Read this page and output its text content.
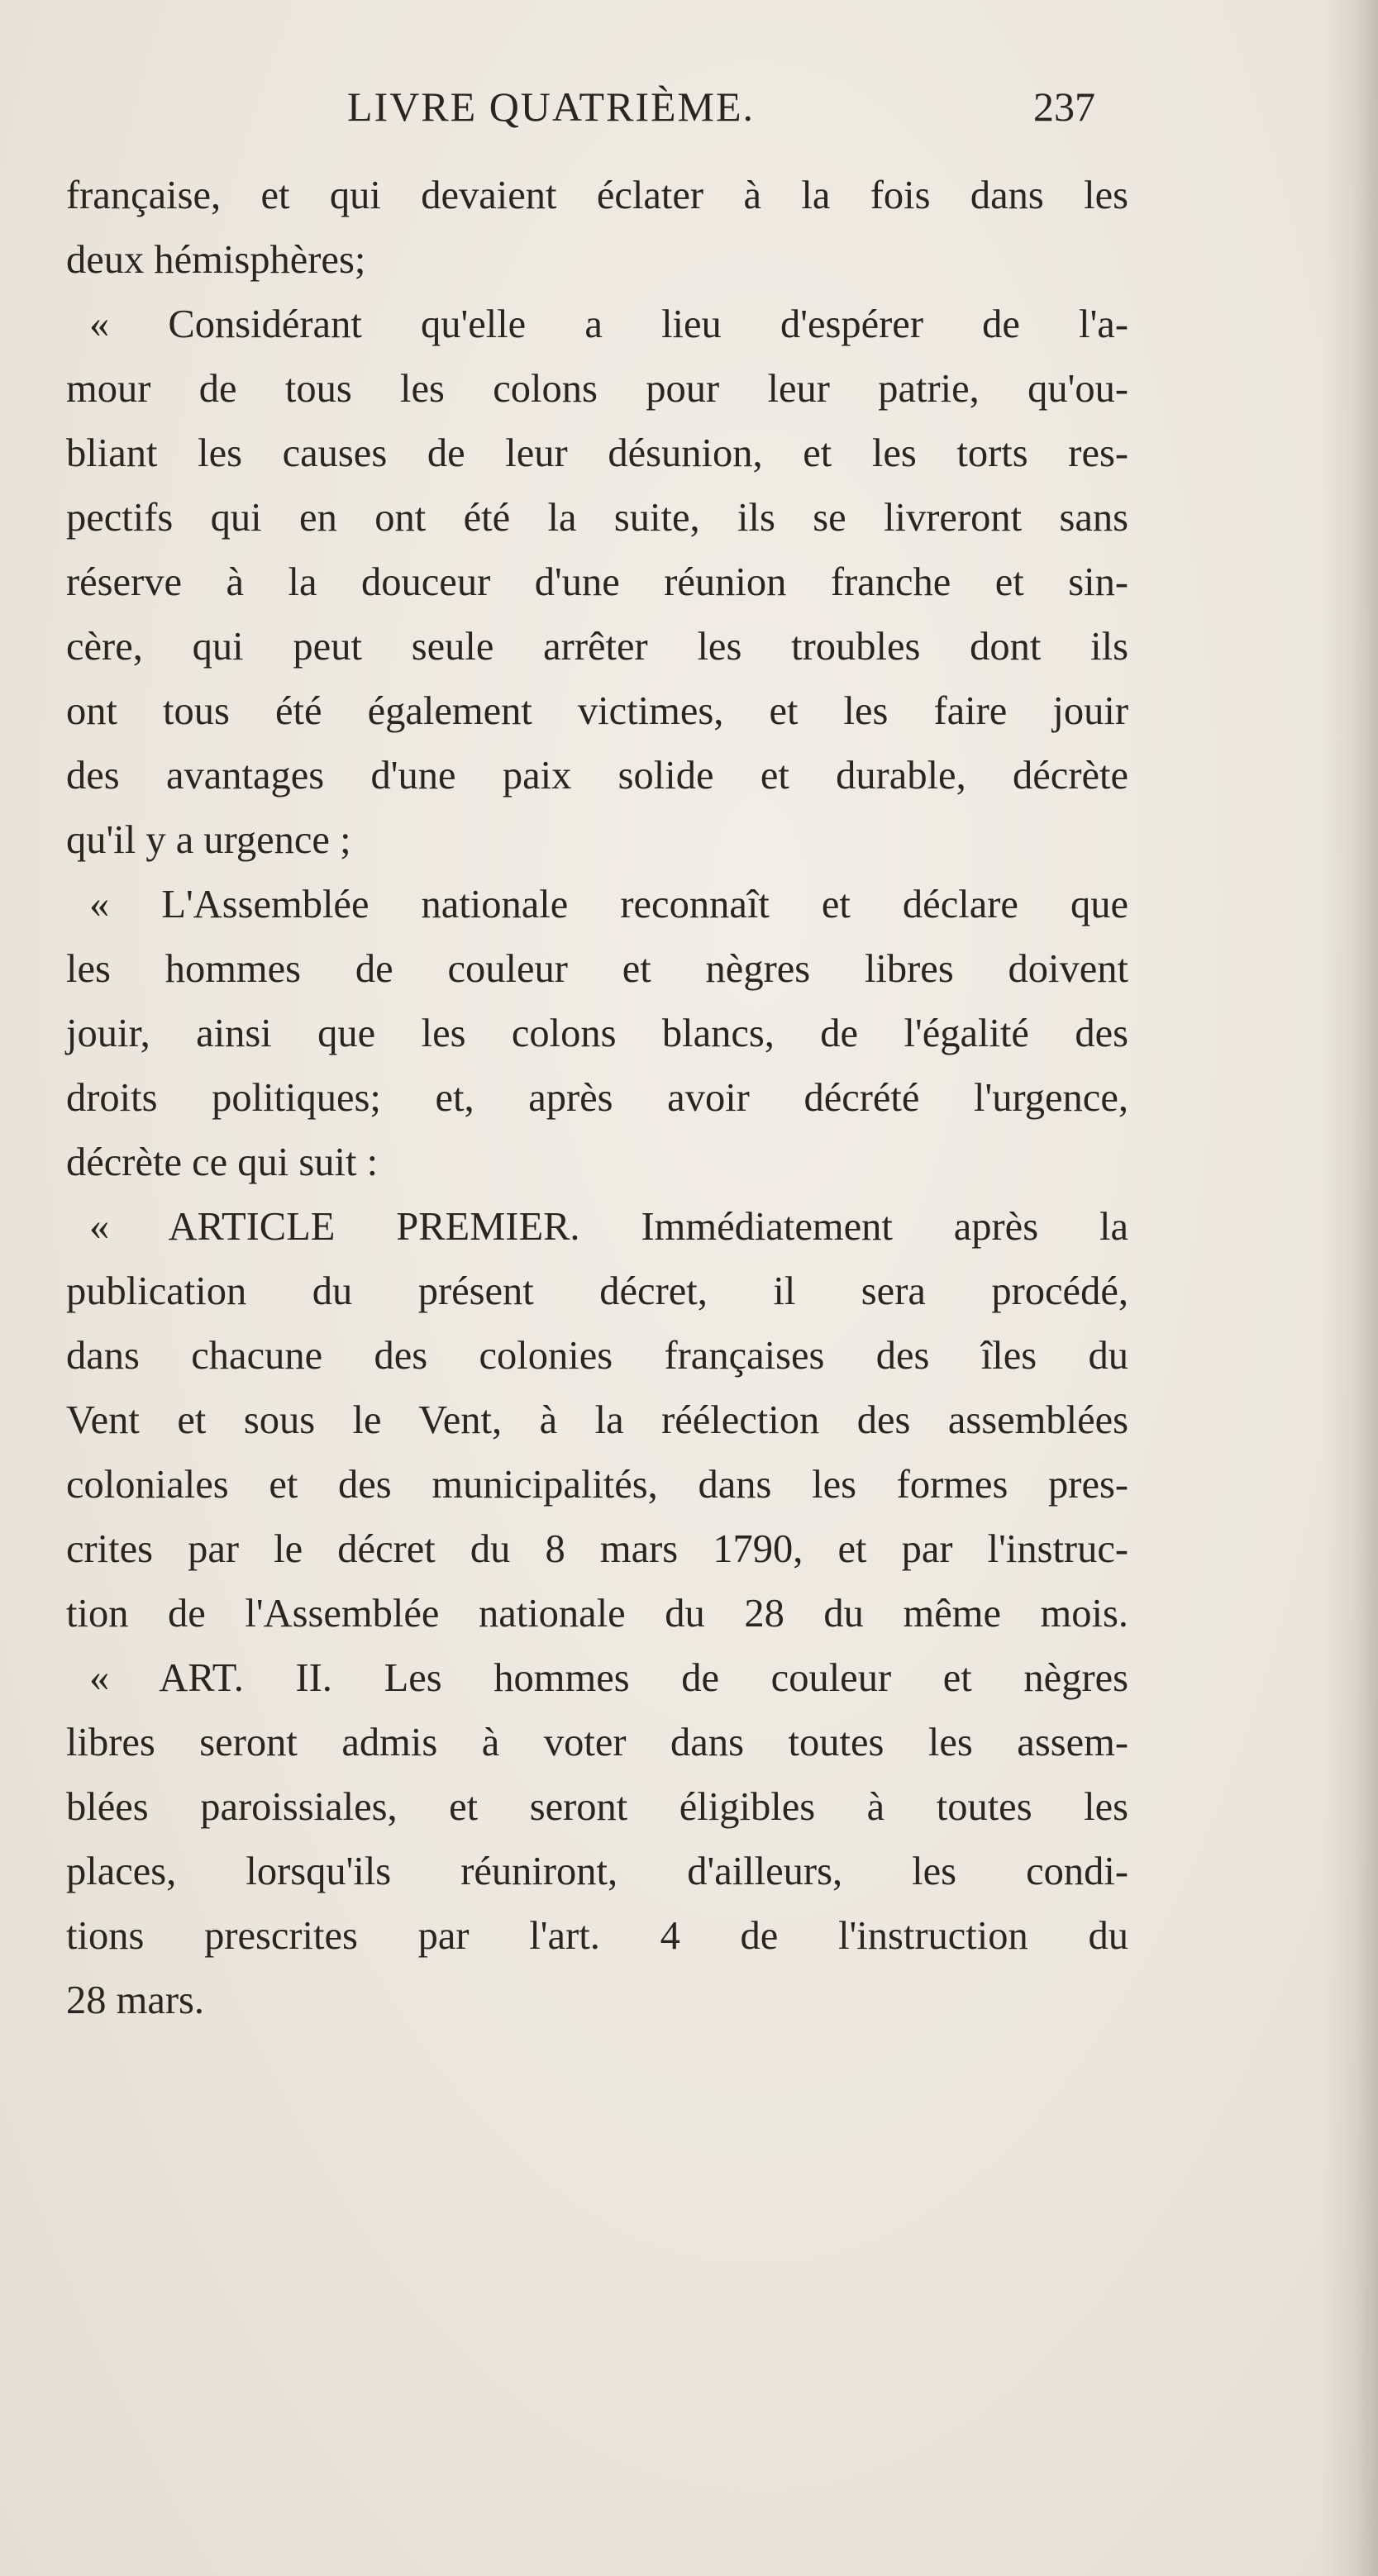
LIVRE QUATRIÈME.	237
française, et qui devaient éclater à la fois dans les
deux hémisphères;
« Considérant qu'elle a lieu d'espérer de l'a-
mour de tous les colons pour leur patrie, qu'ou-
bliant les causes de leur désunion, et les torts res-
pectifs qui en ont été la suite, ils se livreront sans
réserve à la douceur d'une réunion franche et sin-
cère, qui peut seule arrêter les troubles dont ils
ont tous été également victimes, et les faire jouir
des avantages d'une paix solide et durable, décrète
qu'il y a urgence ;
« L'Assemblée nationale reconnaît et déclare que
les hommes de couleur et nègres libres doivent
jouir, ainsi que les colons blancs, de l'égalité des
droits politiques; et, après avoir décrété l'urgence,
décrète ce qui suit :
« ARTICLE PREMIER. Immédiatement après la
publication du présent décret, il sera procédé,
dans chacune des colonies françaises des îles du
Vent et sous le Vent, à la réélection des assemblées
coloniales et des municipalités, dans les formes pres-
crites par le décret du 8 mars 1790, et par l'instruc-
tion de l'Assemblée nationale du 28 du même mois.
« ART. II. Les hommes de couleur et nègres
libres seront admis à voter dans toutes les assem-
blées paroissiales, et seront éligibles à toutes les
places, lorsqu'ils réuniront, d'ailleurs, les condi-
tions prescrites par l'art. 4 de l'instruction du
28 mars.
